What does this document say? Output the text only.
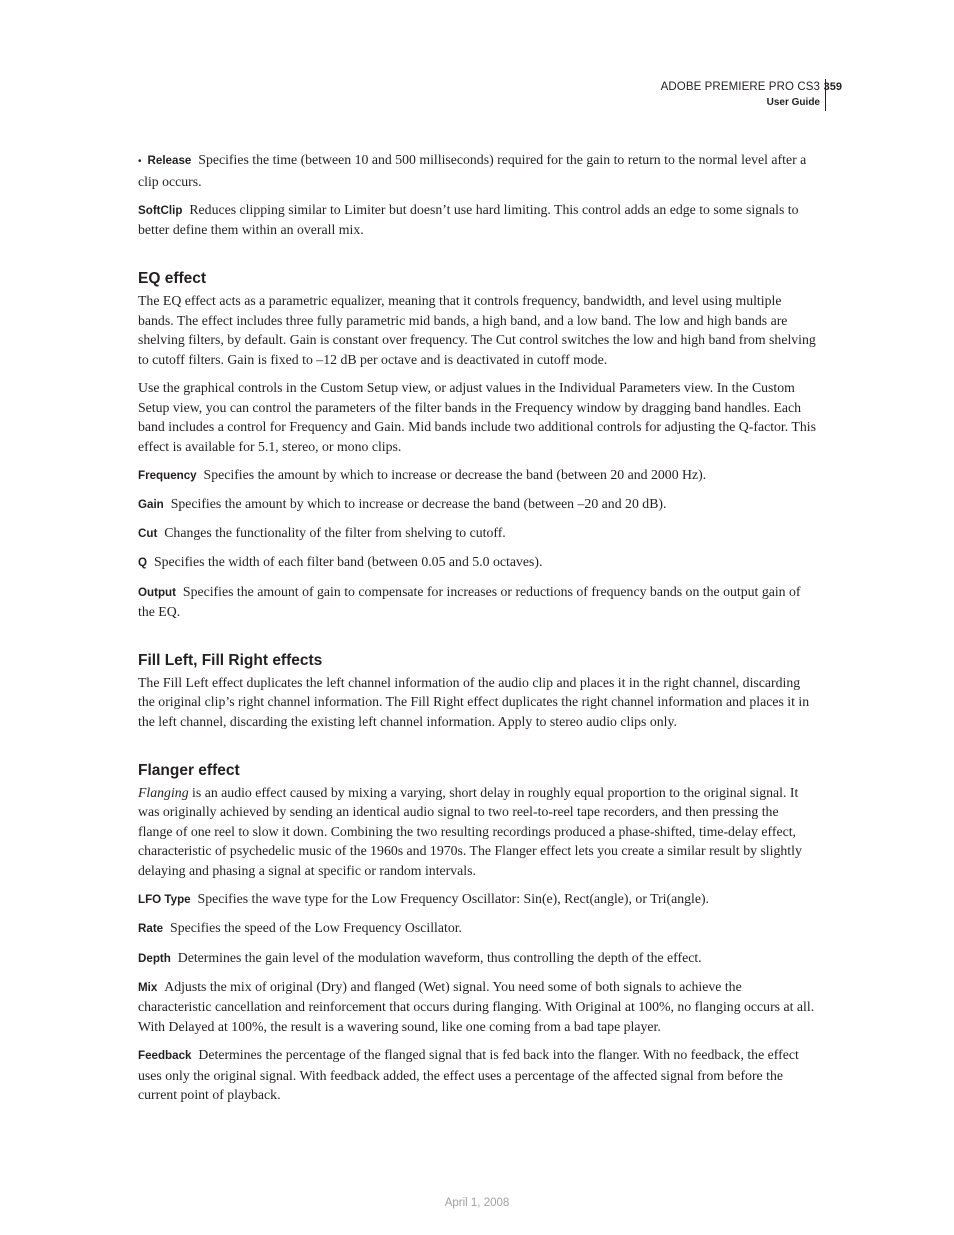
ADOBE PREMIERE PRO CS3
User Guide
359

• Release Specifies the time (between 10 and 500 milliseconds) required for the gain to return to the normal level after a clip occurs.

SoftClip Reduces clipping similar to Limiter but doesn’t use hard limiting. This control adds an edge to some signals to better define them within an overall mix.

EQ effect

The EQ effect acts as a parametric equalizer, meaning that it controls frequency, bandwidth, and level using multiple bands. The effect includes three fully parametric mid bands, a high band, and a low band. The low and high bands are shelving filters, by default. Gain is constant over frequency. The Cut control switches the low and high band from shelving to cutoff filters. Gain is fixed to –12 dB per octave and is deactivated in cutoff mode.

Use the graphical controls in the Custom Setup view, or adjust values in the Individual Parameters view. In the Custom Setup view, you can control the parameters of the filter bands in the Frequency window by dragging band handles. Each band includes a control for Frequency and Gain. Mid bands include two additional controls for adjusting the Q-factor. This effect is available for 5.1, stereo, or mono clips.

Frequency Specifies the amount by which to increase or decrease the band (between 20 and 2000 Hz).

Gain Specifies the amount by which to increase or decrease the band (between –20 and 20 dB).

Cut Changes the functionality of the filter from shelving to cutoff.

Q Specifies the width of each filter band (between 0.05 and 5.0 octaves).

Output Specifies the amount of gain to compensate for increases or reductions of frequency bands on the output gain of the EQ.

Fill Left, Fill Right effects

The Fill Left effect duplicates the left channel information of the audio clip and places it in the right channel, discarding the original clip’s right channel information. The Fill Right effect duplicates the right channel information and places it in the left channel, discarding the existing left channel information. Apply to stereo audio clips only.

Flanger effect

Flanging is an audio effect caused by mixing a varying, short delay in roughly equal proportion to the original signal. It was originally achieved by sending an identical audio signal to two reel-to-reel tape recorders, and then pressing the flange of one reel to slow it down. Combining the two resulting recordings produced a phase-shifted, time-delay effect, characteristic of psychedelic music of the 1960s and 1970s. The Flanger effect lets you create a similar result by slightly delaying and phasing a signal at specific or random intervals.

LFO Type Specifies the wave type for the Low Frequency Oscillator: Sin(e), Rect(angle), or Tri(angle).

Rate Specifies the speed of the Low Frequency Oscillator.

Depth Determines the gain level of the modulation waveform, thus controlling the depth of the effect.

Mix Adjusts the mix of original (Dry) and flanged (Wet) signal. You need some of both signals to achieve the characteristic cancellation and reinforcement that occurs during flanging. With Original at 100%, no flanging occurs at all. With Delayed at 100%, the result is a wavering sound, like one coming from a bad tape player.

Feedback Determines the percentage of the flanged signal that is fed back into the flanger. With no feedback, the effect uses only the original signal. With feedback added, the effect uses a percentage of the affected signal from before the current point of playback.

April 1, 2008
